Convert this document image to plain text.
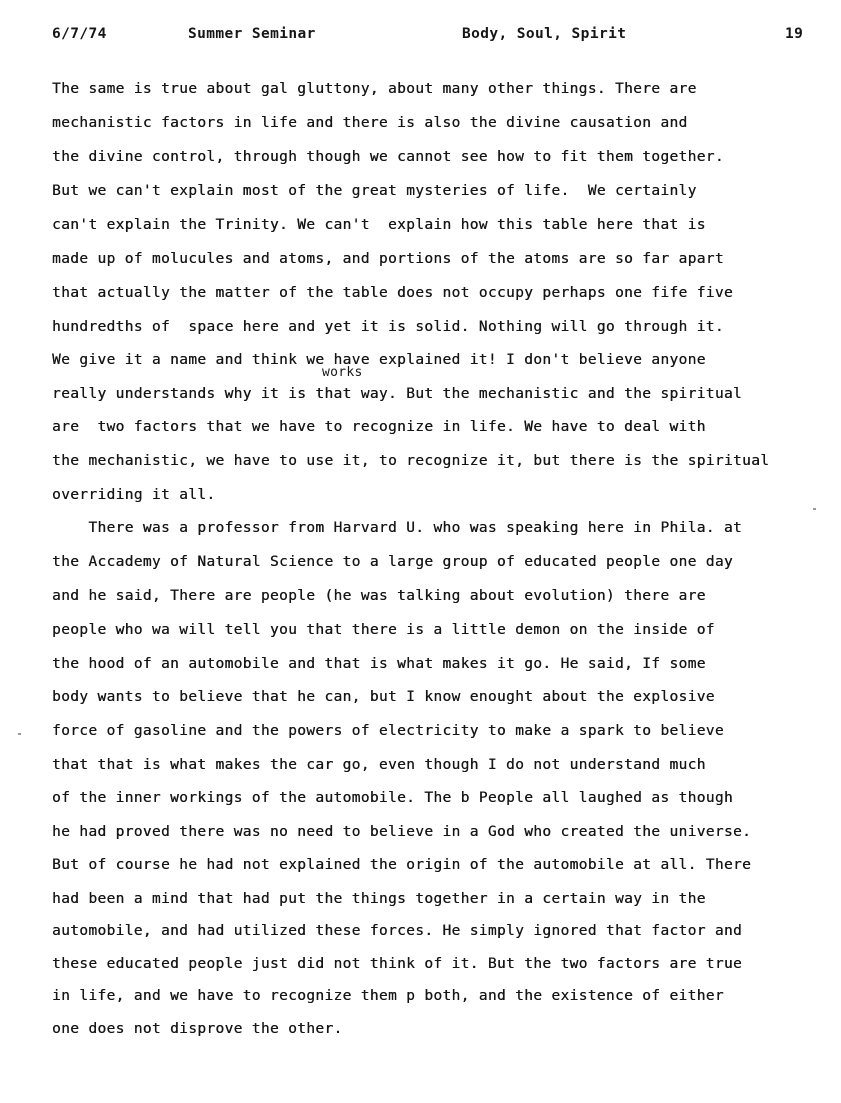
6/7/74	Summer Seminar	Body, Soul, Spirit	19
The same is true about gal gluttony, about many other things. There are
mechanistic factors in life and there is also the divine causation and
the divine control, through though we cannot see how to fit them together.
But we can't explain most of the great mysteries of life.  We certainly
can't explain the Trinity. We can't  explain how this table here that is
made up of molucules and atoms, and portions of the atoms are so far apart
that actually the matter of the table does not occupy perhaps one fife five
hundredths of  space here and yet it is solid. Nothing will go through it.
We give it a name and think we have explained it! I don't believe anyone
works
really understands why it is that way. But the mechanistic and the spiritual
are  two factors that we have to recognize in life. We have to deal with
the mechanistic, we have to use it, to recognize it, but there is the spiritual
overriding it all.
There was a professor from Harvard U. who was speaking here in Phila. at
the Accademy of Natural Science to a large group of educated people one day
and he said, There are people (he was talking about evolution) there are
people who wa will tell you that there is a little demon on the inside of
the hood of an automobile and that is what makes it go. He said, If some
body wants to believe that he can, but I know enought about the explosive
force of gasoline and the powers of electricity to make a spark to believe
that that is what makes the car go, even though I do not understand much
of the inner workings of the automobile. The b People all laughed as though
he had proved there was no need to believe in a God who created the universe.
But of course he had not explained the origin of the automobile at all. There
had been a mind that had put the things together in a certain way in the
automobile, and had utilized these forces. He simply ignored that factor and
these educated people just did not think of it. But the two factors are true
in life, and we have to recognize them p both, and the existence of either
one does not disprove the other.
